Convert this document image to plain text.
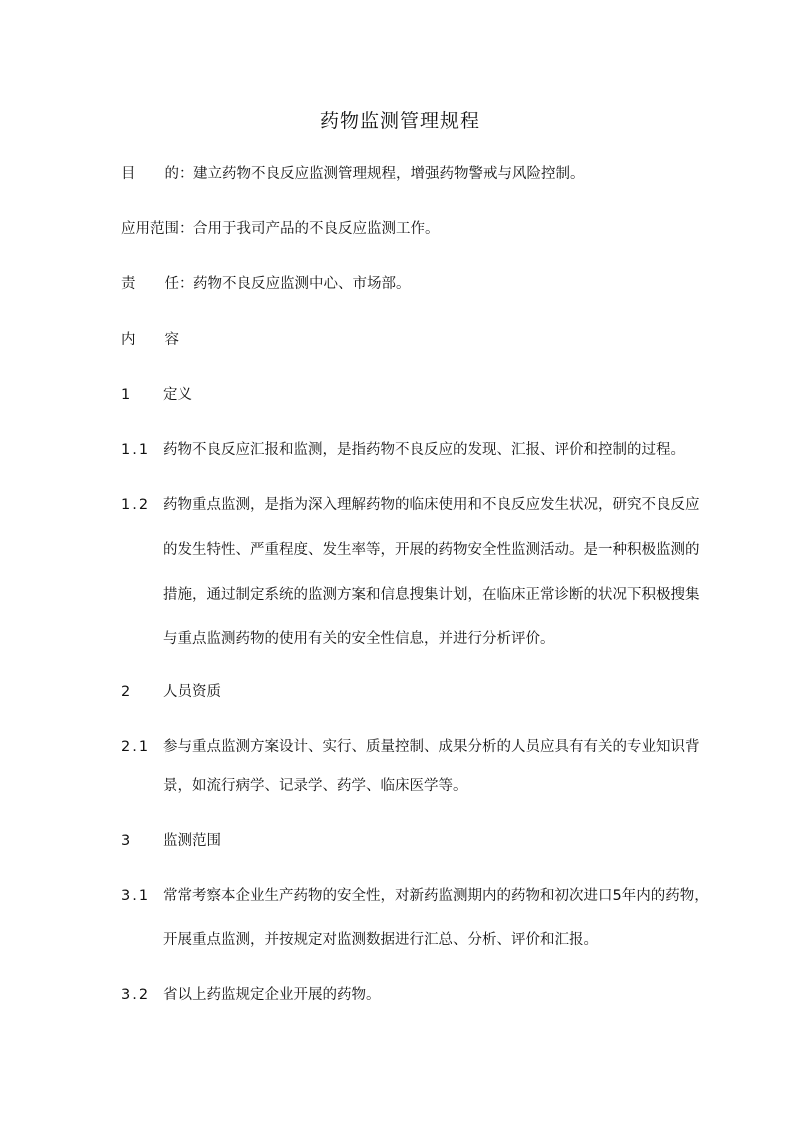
药物监测管理规程
目　　的： 建立药物不良反应监测管理规程，增强药物警戒与风险控制。
应用范围： 合用于我司产品的不良反应监测工作。
责　　任： 药物不良反应监测中心、市场部。
内　　容
1 定义
1.1 药物不良反应汇报和监测，是指药物不良反应的发现、汇报、评价和控制的过程。
1.2 药物重点监测，是指为深入理解药物的临床使用和不良反应发生状况，研究不良反应
的发生特性、严重程度、发生率等，开展的药物安全性监测活动。是一种积极监测的
措施，通过制定系统的监测方案和信息搜集计划，在临床正常诊断的状况下积极搜集
与重点监测药物的使用有关的安全性信息，并进行分析评价。
2 人员资质
2.1 参与重点监测方案设计、实行、质量控制、成果分析的人员应具有有关的专业知识背
景，如流行病学、记录学、药学、临床医学等。
3 监测范围
3.1 常常考察本企业生产药物的安全性，对新药监测期内的药物和初次进口5年内的药物，
开展重点监测，并按规定对监测数据进行汇总、分析、评价和汇报。
3.2 省以上药监规定企业开展的药物。
